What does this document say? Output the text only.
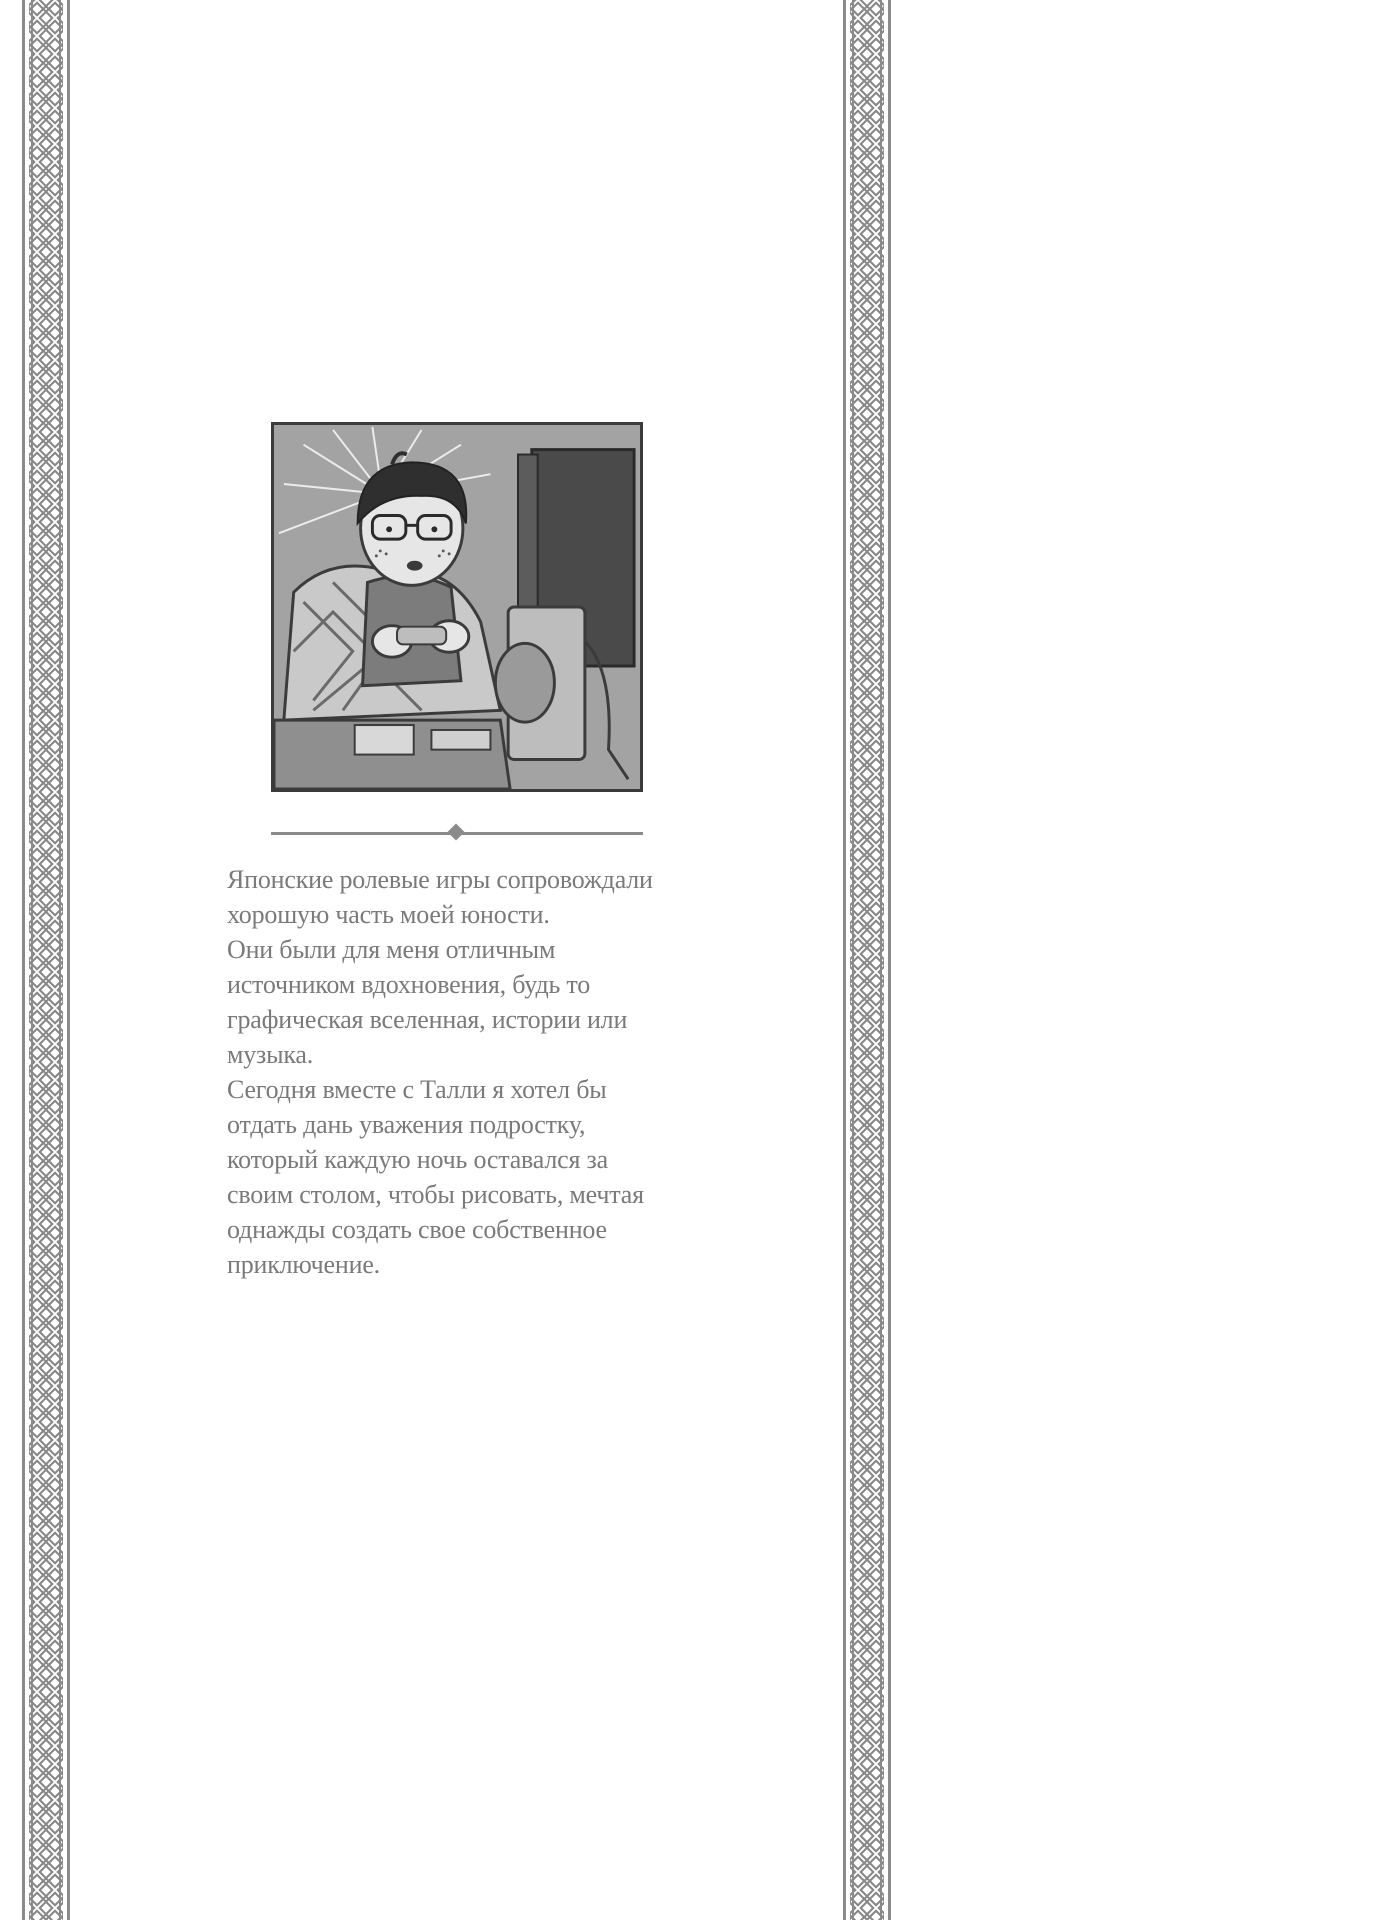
Японские ролевые игры сопровождали
хорошую часть моей юности.
Они были для меня отличным
источником вдохновения, будь то
графическая вселенная, истории или
музыка.
Сегодня вместе с Талли я хотел бы
отдать дань уважения подростку,
который каждую ночь оставался за
своим столом, чтобы рисовать, мечтая
однажды создать свое собственное
приключение.
